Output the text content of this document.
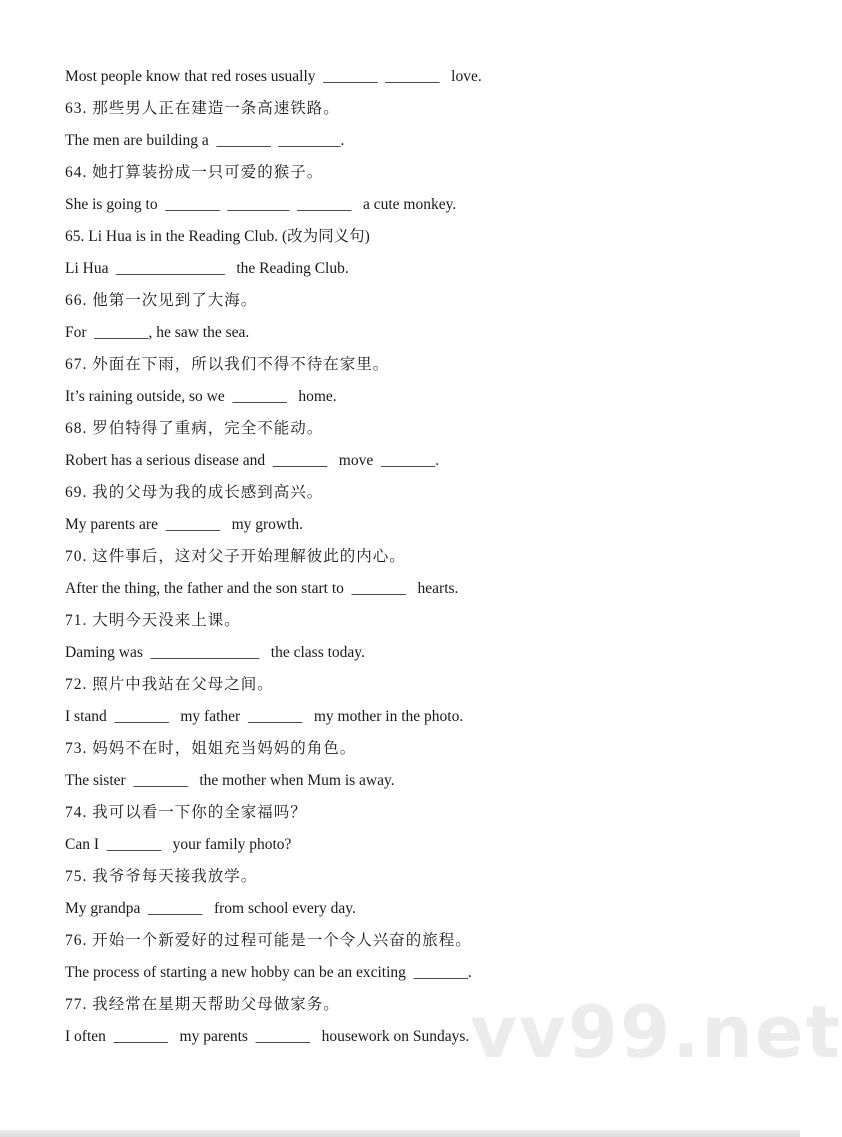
Most people know that red roses usually  _______  _______   love.
63. 那些男人正在建造一条高速铁路。
The men are building a  _______  ________.
64. 她打算装扮成一只可爱的猴子。
She is going to  _______  ________  _______   a cute monkey.
65. Li Hua is in the Reading Club. (改为同义句)
Li Hua  ______________   the Reading Club.
66. 他第一次见到了大海。
For  _______, he saw the sea.
67. 外面在下雨，所以我们不得不待在家里。
It’s raining outside, so we  _______   home.
68. 罗伯特得了重病，完全不能动。
Robert has a serious disease and  _______   move  _______.
69. 我的父母为我的成长感到高兴。
My parents are  _______   my growth.
70. 这件事后，这对父子开始理解彼此的内心。
After the thing, the father and the son start to  _______   hearts.
71. 大明今天没来上课。
Daming was  ______________   the class today.
72. 照片中我站在父母之间。
I stand  _______   my father  _______   my mother in the photo.
73. 妈妈不在时，姐姐充当妈妈的角色。
The sister  _______   the mother when Mum is away.
74. 我可以看一下你的全家福吗？
Can I  _______   your family photo?
75. 我爷爷每天接我放学。
My grandpa  _______   from school every day.
76. 开始一个新爱好的过程可能是一个令人兴奋的旅程。
The process of starting a new hobby can be an exciting  _______.
77. 我经常在星期天帮助父母做家务。
I often  _______   my parents  _______   housework on Sundays. vv99.net
